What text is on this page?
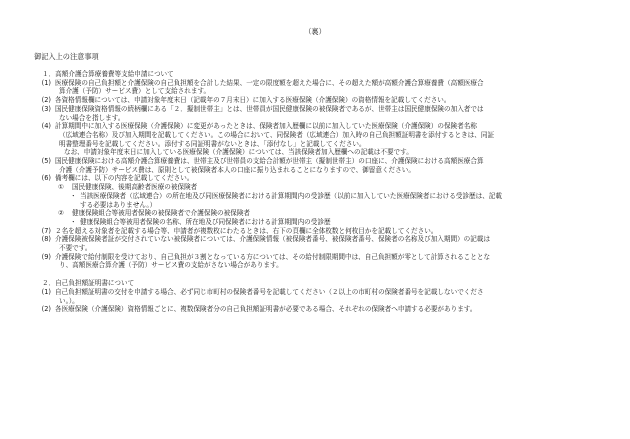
（裏）
御記入上の注意事項
１．高額介護合算療養費等支給申請について
(1) 医療保険の自己負担額と介護保険の自己負担額を合計した結果、一定の限度額を超えた場合に、その超えた額が高額介護合算療養費（高額医療合
算介護（予防）サービス費）として支給されます。
(2) 各資格情報欄については、申請対象年度末日（記載年の７月末日）に加入する医療保険（介護保険）の資格情報を記載してください。
(3) 国民健康保険資格情報の続柄欄にある「２．擬制世帯主」とは、世帯員が国民健康保険の被保険者であるが、世帯主は国民健康保険の加入者では
ない場合を指します。
(4) 計算期間中に加入する医療保険（介護保険）に変更があったときは、保険者加入歴欄に以前に加入していた医療保険（介護保険）の保険者名称
（広域連合名称）及び加入期間を記載してください。この場合において、同保険者（広域連合）加入時の自己負担額証明書を添付するときは、同証
明書整理番号を記載してください。添付する同証明書がないときは、「添付なし」と記載してください。
なお、申請対象年度末日に加入している医療保険（介護保険）については、当該保険者加入歴欄への記載は不要です。
(5) 国民健康保険における高額介護合算療養費は、世帯主及び世帯員の支給合計額が世帯主（擬制世帯主）の口座に、介護保険における高額医療合算
介護（介護予防）サービス費は、原則として被保険者本人の口座に振り込まれることになりますので、御留意ください。
(6) 備考欄には、以下の内容を記載してください。
①	国民健康保険、後期高齢者医療の被保険者
・ 当該医療保険者（広域連合）の所在地及び同医療保険者における計算期間内の受診歴（以前に加入していた医療保険者における受診歴は、記載
する必要はありません。）
②	健康保険組合等被用者保険の被保険者で介護保険の被保険者
・ 健康保険組合等被用者保険の名称、所在地及び同保険者における計算期間内の受診歴
(7) ２名を超える対象者を記載する場合等、申請者が複数枚にわたるときは、右下の頁欄に全体枚数と何枚目かを記載してください。
(8) 介護保険被保険者証が交付されていない被保険者については、介護保険情報（被保険者番号、被保険者番号、保険者の名称及び加入期間）の記載は
不要です。
(9) 介護保険で給付制限を受けており、自己負担が３割となっている方については、その給付制限期間中は、自己負担額が零として計算されることとな
り、高額医療合算介護（予防）サービス費の支給がさない場合があります。
２．自己負担額証明書について
(1) 自己負担額証明書の交付を申請する場合、必ず同じ市町村の保険者番号を記載してください（２以上の市町村の保険者番号を記載しないでくださ
い。）。
(2) 各医療保険（介護保険）資格情報ごとに、複数保険者分の自己負担額証明書が必要である場合、それぞれの保険者へ申請する必要があります。
